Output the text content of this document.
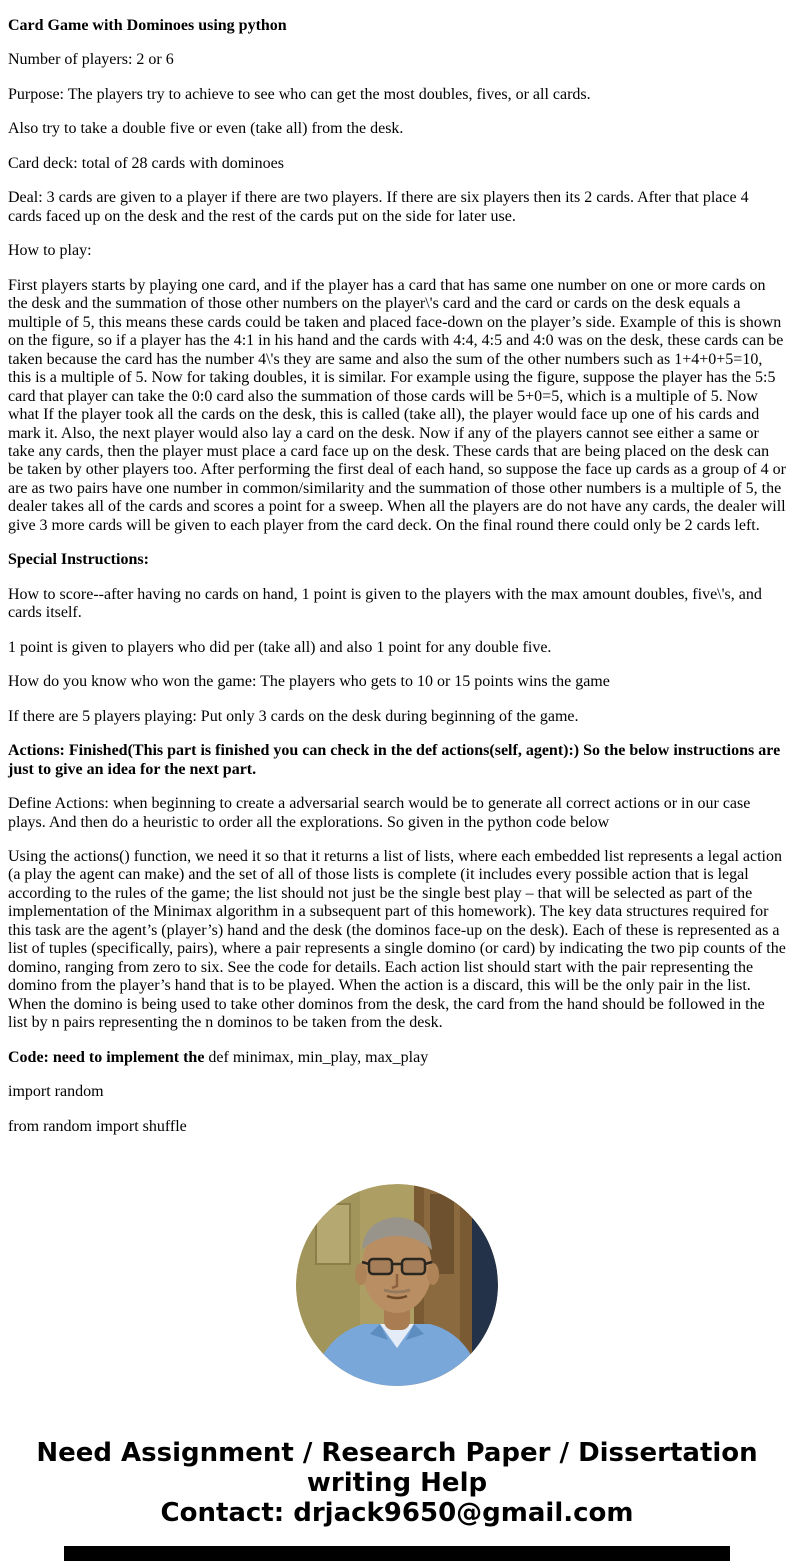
Card Game with Dominoes using python

Number of players: 2 or 6

Purpose: The players try to achieve to see who can get the most doubles, fives, or all cards.

Also try to take a double five or even (take all) from the desk.

Card deck: total of 28 cards with dominoes

Deal: 3 cards are given to a player if there are two players. If there are six players then its 2 cards. After that place 4 cards faced up on the desk and the rest of the cards put on the side for later use.

How to play:

First players starts by playing one card, and if the player has a card that has same one number on one or more cards on the desk and the summation of those other numbers on the player\'s card and the card or cards on the desk equals a multiple of 5, this means these cards could be taken and placed face-down on the player’s side. Example of this is shown on the figure, so if a player has the 4:1 in his hand and the cards with 4:4, 4:5 and 4:0 was on the desk, these cards can be taken because the card has the number 4\'s they are same and also the sum of the other numbers such as 1+4+0+5=10, this is a multiple of 5. Now for taking doubles, it is similar. For example using the figure, suppose the player has the 5:5 card that player can take the 0:0 card also the summation of those cards will be 5+0=5, which is a multiple of 5. Now what If the player took all the cards on the desk, this is called (take all), the player would face up one of his cards and mark it. Also, the next player would also lay a card on the desk. Now if any of the players cannot see either a same or take any cards, then the player must place a card face up on the desk. These cards that are being placed on the desk can be taken by other players too. After performing the first deal of each hand, so suppose the face up cards as a group of 4 or are as two pairs have one number in common/similarity and the summation of those other numbers is a multiple of 5, the dealer takes all of the cards and scores a point for a sweep. When all the players are do not have any cards, the dealer will give 3 more cards will be given to each player from the card deck. On the final round there could only be 2 cards left.

Special Instructions:

How to score--after having no cards on hand, 1 point is given to the players with the max amount doubles, five\'s, and cards itself.

1 point is given to players who did per (take all) and also 1 point for any double five.

How do you know who won the game: The players who gets to 10 or 15 points wins the game

If there are 5 players playing: Put only 3 cards on the desk during beginning of the game.

Actions: Finished(This part is finished you can check in the def actions(self, agent):) So the below instructions are just to give an idea for the next part.

Define Actions: when beginning to create a adversarial search would be to generate all correct actions or in our case plays. And then do a heuristic to order all the explorations. So given in the python code below

Using the actions() function, we need it so that it returns a list of lists, where each embedded list represents a legal action (a play the agent can make) and the set of all of those lists is complete (it includes every possible action that is legal according to the rules of the game; the list should not just be the single best play – that will be selected as part of the implementation of the Minimax algorithm in a subsequent part of this homework). The key data structures required for this task are the agent’s (player’s) hand and the desk (the dominos face-up on the desk). Each of these is represented as a list of tuples (specifically, pairs), where a pair represents a single domino (or card) by indicating the two pip counts of the domino, ranging from zero to six. See the code for details. Each action list should start with the pair representing the domino from the player’s hand that is to be played. When the action is a discard, this will be the only pair in the list. When the domino is being used to take other dominos from the desk, the card from the hand should be followed in the list by n pairs representing the n dominos to be taken from the desk.

Code: need to implement the def minimax, min_play, max_play

import random

from random import shuffle

Need Assignment / Research Paper / Dissertation

writing Help

Contact: drjack9650@gmail.com
